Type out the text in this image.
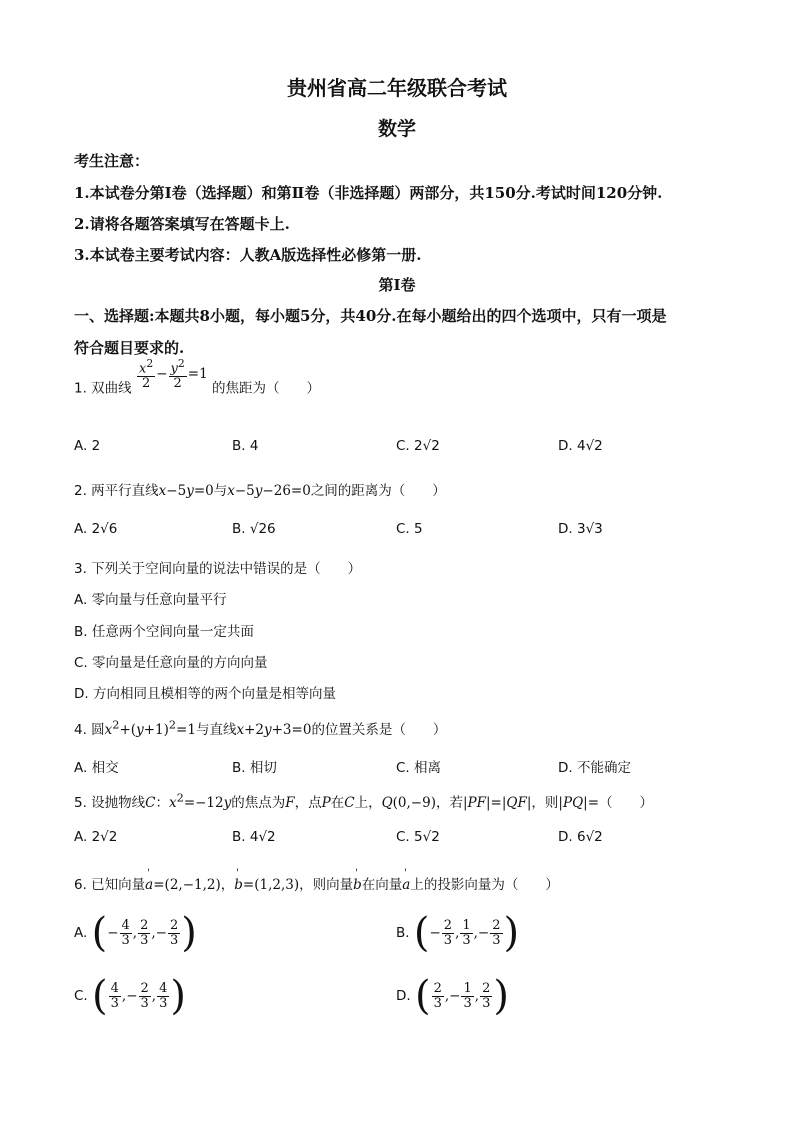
贵州省高二年级联合考试
数学
考生注意：
1.本试卷分第Ⅰ卷（选择题）和第Ⅱ卷（非选择题）两部分，共150分.考试时间120分钟.
2.请将各题答案填写在答题卡上.
3.本试卷主要考试内容：人教A版选择性必修第一册.
第Ⅰ卷
一、选择题:本题共8小题，每小题5分，共40分.在每小题给出的四个选项中，只有一项是
符合题目要求的.
1. 双曲线 $\frac{x^2}{2} - \frac{y^2}{2} =1$ 的焦距为（　　）
A. 2	B. 4	C. 2√2	D. 4√2
2. 两平行直线x−5y=0与x−5y−26=0之间的距离为（　　）
A. 2√6	B. √26	C. 5	D. 3√3
3. 下列关于空间向量的说法中错误的是（　　）
A. 零向量与任意向量平行
B. 任意两个空间向量一定共面
C. 零向量是任意向量的方向向量
D. 方向相同且模相等的两个向量是相等向量
4. 圆$x^2+(y+1)^2=1$与直线x+2y+3=0的位置关系是（　　）
A. 相交	B. 相切	C. 相离	D. 不能确定
5. 设抛物线C：$x^2=-12y$的焦点为F，点P在C上，Q(0,−9)，若|PF|=|QF|，则|PQ|=（　　）
A. 2√2	B. 4√2	C. 5√2	D. 6√2
6. 已知向量' a=(2,−1,2)，' b=(1,2,3)，则向量' b在向量' a上的投影向量为（　　）
A. (− $\frac{4}{3}$ , $\frac{2}{3}$ ,− $\frac{2}{3}$ )	B. (− $\frac{2}{3}$ , $\frac{1}{3}$ ,− $\frac{2}{3}$ )
C. ( $\frac{4}{3}$ ,− $\frac{2}{3}$ , $\frac{4}{3}$ )	D. ( $\frac{2}{3}$ ,− $\frac{1}{3}$ , $\frac{2}{3}$ )
